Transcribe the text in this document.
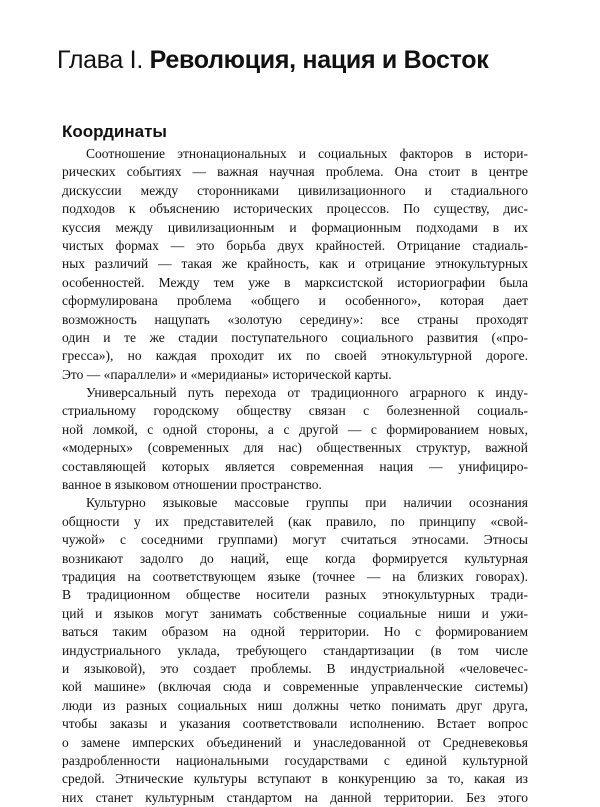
Глава I. Революция, нация и Восток
Координаты

Соотношение этнонациональных и социальных факторов в истори-
рических событиях — важная научная проблема. Она стоит в центре
дискуссии между сторонниками цивилизационного и стадиального
подходов к объяснению исторических процессов. По существу, дис-
куссия между цивилизационным и формационным подходами в их
чистых формах — это борьба двух крайностей. Отрицание стадиаль-
ных различий — такая же крайность, как и отрицание этнокультурных
особенностей. Между тем уже в марксистской историографии была
сформулирована проблема «общего и особенного», которая дает
возможность нащупать «золотую середину»: все страны проходят
один и те же стадии поступательного социального развития («про-
гресса»), но каждая проходит их по своей этнокультурной дороге.
Это — «параллели» и «меридианы» исторической карты.

Универсальный путь перехода от традиционного аграрного к инду-
стриальному городскому обществу связан с болезненной социаль-
ной ломкой, с одной стороны, а с другой — с формированием новых,
«модерных» (современных для нас) общественных структур, важной
составляющей которых является современная нация — унифициро-
ванное в языковом отношении пространство.

Культурно языковые массовые группы при наличии осознания
общности у их представителей (как правило, по принципу «свой-
чужой» с соседними группами) могут считаться этносами. Этносы
возникают задолго до наций, еще когда формируется культурная
традиция на соответствующем языке (точнее — на близких говорах).
В традиционном обществе носители разных этнокультурных тради-
ций и языков могут занимать собственные социальные ниши и ужи-
ваться таким образом на одной территории. Но с формированием
индустриального уклада, требующего стандартизации (в том числе
и языковой), это создает проблемы. В индустриальной «человечес-
кой машине» (включая сюда и современные управленческие системы)
люди из разных социальных ниш должны четко понимать друг друга,
чтобы заказы и указания соответствовали исполнению. Встает вопрос
о замене имперских объединений и унаследованной от Средневековья
раздробленности национальными государствами с единой культурной
средой. Этнические культуры вступают в конкуренцию за то, какая из
них станет культурным стандартом на данной территории. Без этого
